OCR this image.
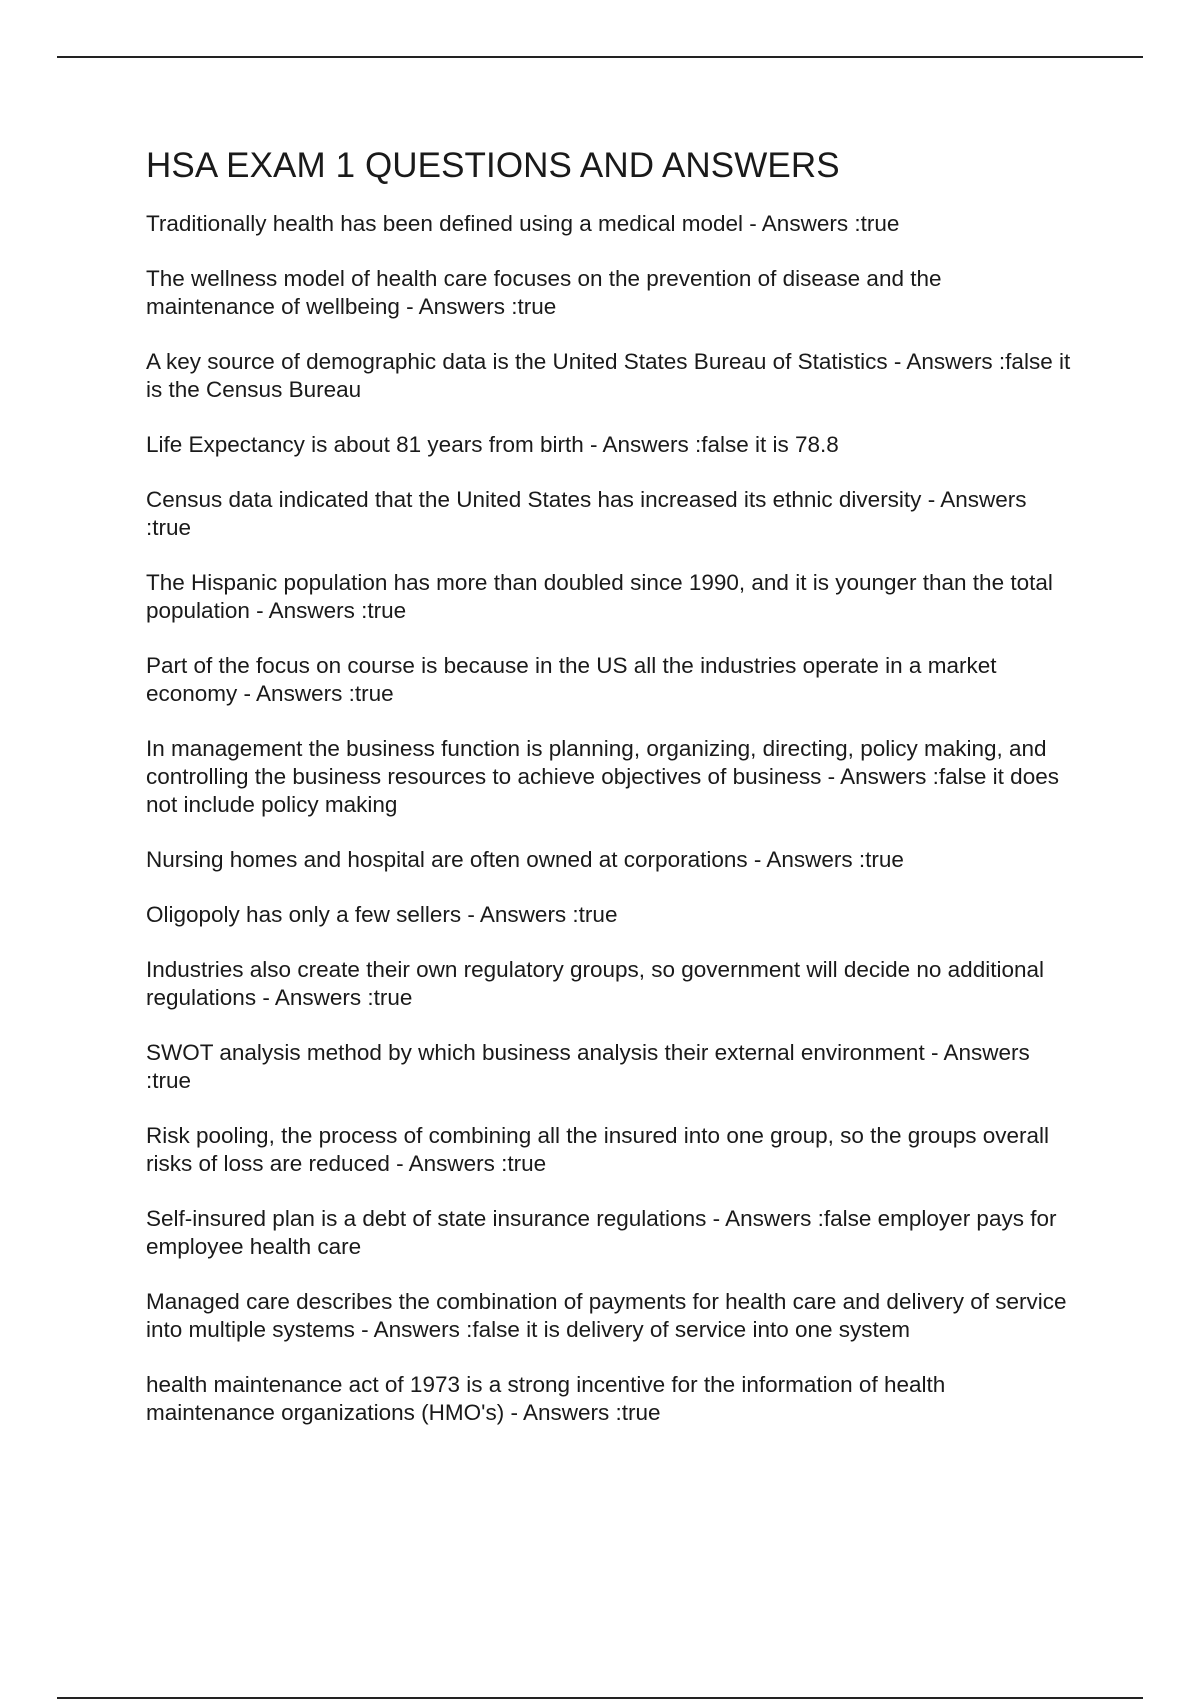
HSA EXAM 1 QUESTIONS AND ANSWERS
Traditionally health has been defined using a medical model - Answers :true
The wellness model of health care focuses on the prevention of disease and the maintenance of wellbeing - Answers :true
A key source of demographic data is the United States Bureau of Statistics - Answers :false it is the Census Bureau
Life Expectancy is about 81 years from birth - Answers :false it is 78.8
Census data indicated that the United States has increased its ethnic diversity - Answers :true
The Hispanic population has more than doubled since 1990, and it is younger than the total population - Answers :true
Part of the focus on course is because in the US all the industries operate in a market economy - Answers :true
In management the business function is planning, organizing, directing, policy making, and controlling the business resources to achieve objectives of business - Answers :false it does not include policy making
Nursing homes and hospital are often owned at corporations - Answers :true
Oligopoly has only a few sellers - Answers :true
Industries also create their own regulatory groups, so government will decide no additional regulations - Answers :true
SWOT analysis method by which business analysis their external environment - Answers :true
Risk pooling, the process of combining all the insured into one group, so the groups overall risks of loss are reduced - Answers :true
Self-insured plan is a debt of state insurance regulations - Answers :false employer pays for employee health care
Managed care describes the combination of payments for health care and delivery of service into multiple systems - Answers :false it is delivery of service into one system
health maintenance act of 1973 is a strong incentive for the information of health maintenance organizations (HMO's) - Answers :true
